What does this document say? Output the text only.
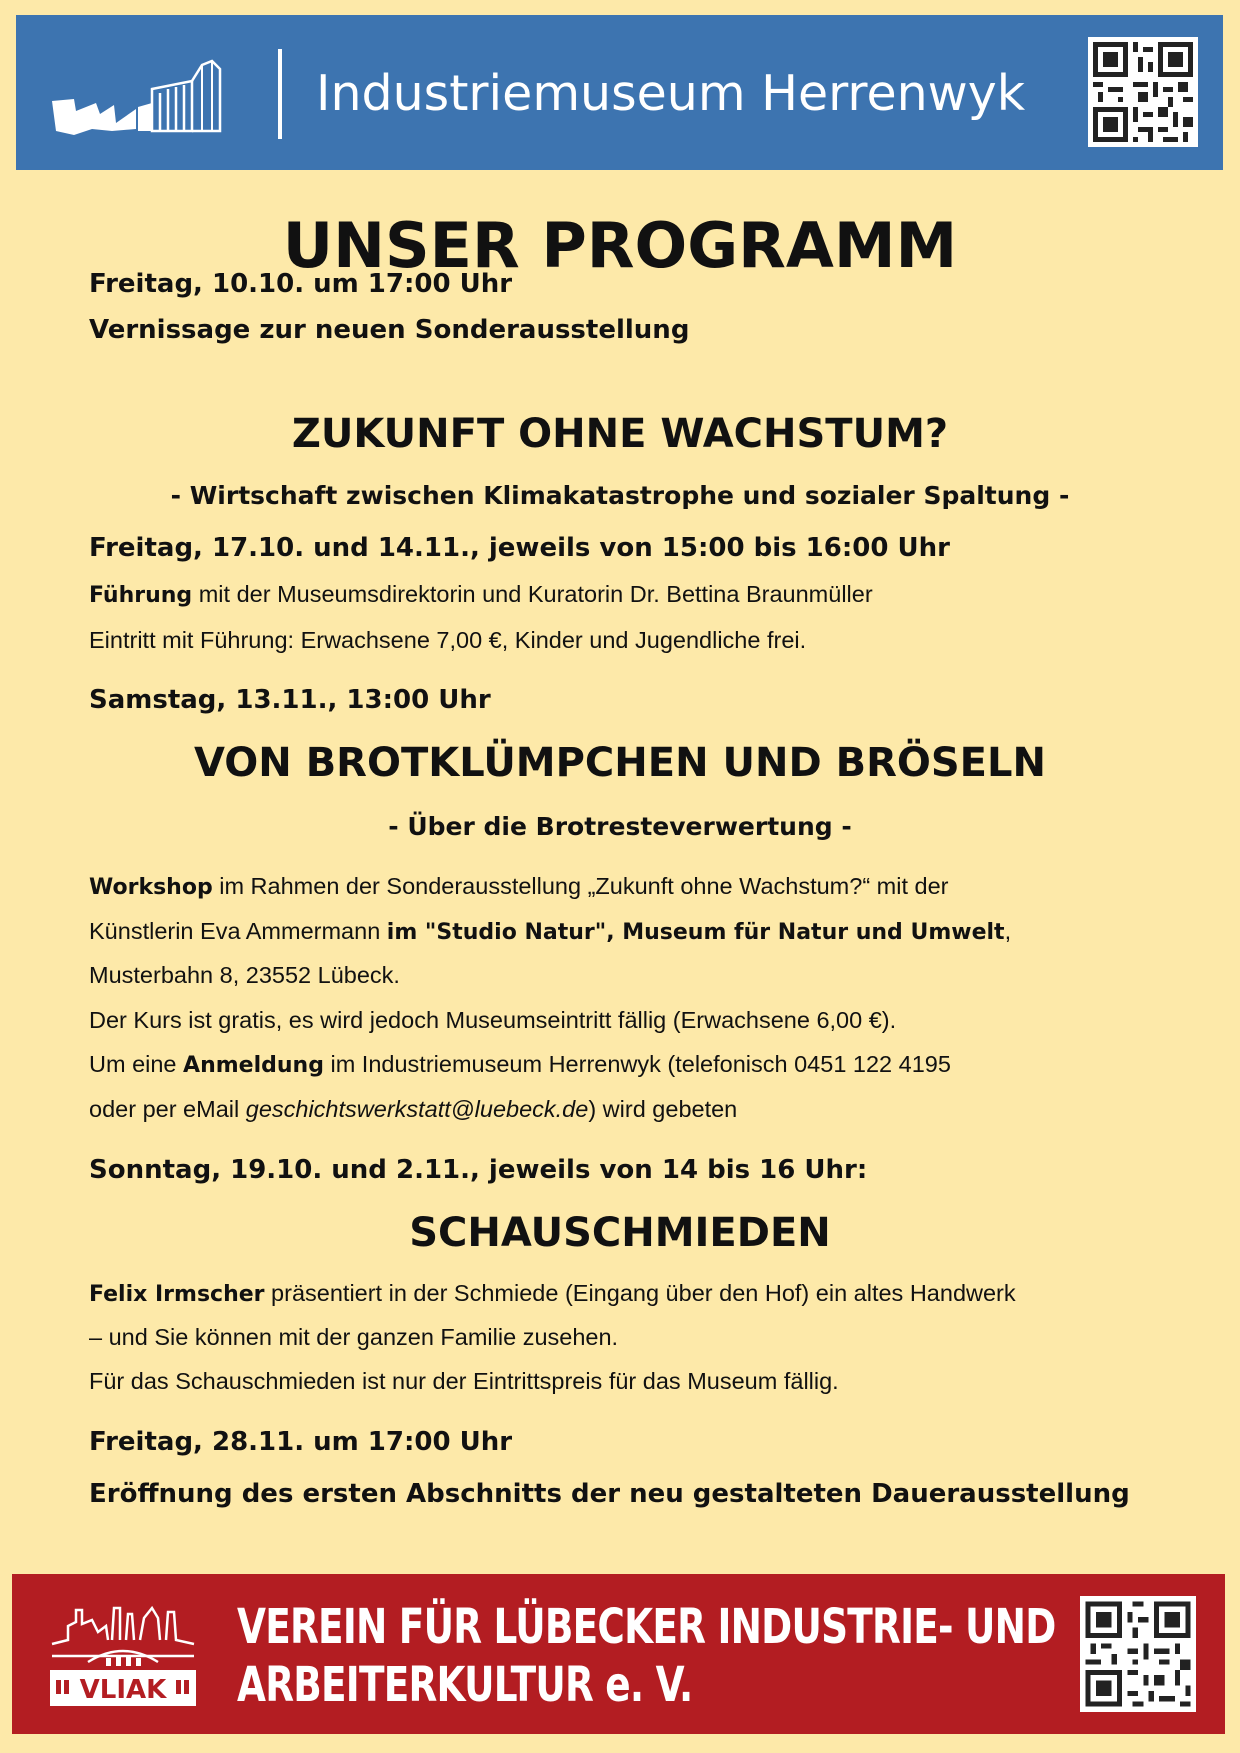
Industriemuseum Herrenwyk
UNSER PROGRAMM
Freitag, 10.10. um 17:00 Uhr
Vernissage zur neuen Sonderausstellung
ZUKUNFT OHNE WACHSTUM?
- Wirtschaft zwischen Klimakatastrophe und sozialer Spaltung -
Freitag, 17.10. und 14.11., jeweils von 15:00 bis 16:00 Uhr
Führung mit der Museumsdirektorin und Kuratorin Dr. Bettina Braunmüller
Eintritt mit Führung: Erwachsene 7,00 €, Kinder und Jugendliche frei.
Samstag, 13.11., 13:00 Uhr
VON BROTKLÜMPCHEN UND BRÖSELN
- Über die Brotresteverwertung -
Workshop im Rahmen der Sonderausstellung „Zukunft ohne Wachstum?“ mit der
Künstlerin Eva Ammermann im "Studio Natur", Museum für Natur und Umwelt,
Musterbahn 8, 23552 Lübeck.
Der Kurs ist gratis, es wird jedoch Museumseintritt fällig (Erwachsene 6,00 €).
Um eine Anmeldung im Industriemuseum Herrenwyk (telefonisch 0451 122 4195
oder per eMail geschichtswerkstatt@luebeck.de) wird gebeten
Sonntag, 19.10. und 2.11., jeweils von 14 bis 16 Uhr:
SCHAUSCHMIEDEN
Felix Irmscher präsentiert in der Schmiede (Eingang über den Hof) ein altes Handwerk
– und Sie können mit der ganzen Familie zusehen.
Für das Schauschmieden ist nur der Eintrittspreis für das Museum fällig.
Freitag, 28.11. um 17:00 Uhr
Eröffnung des ersten Abschnitts der neu gestalteten Dauerausstellung
VLIAK
VEREIN FÜR LÜBECKER INDUSTRIE- UND
ARBEITERKULTUR e. V.
